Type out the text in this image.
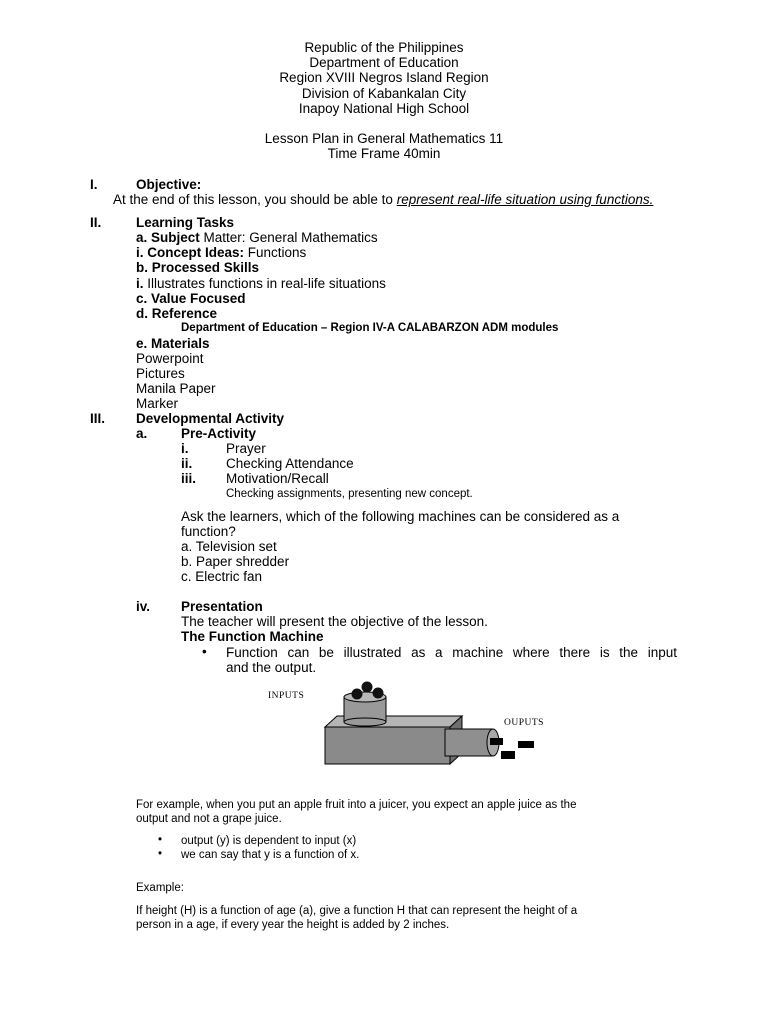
Republic of the Philippines
Department of Education
Region XVIII Negros Island Region
Division of Kabankalan City
Inapoy National High School
Lesson Plan in General Mathematics 11
Time Frame 40min
I.	Objective:
At the end of this lesson, you should be able to represent real-life situation using functions.
II.	Learning Tasks
a. Subject Matter: General Mathematics
i. Concept Ideas: Functions
b. Processed Skills
i. Illustrates functions in real-life situations
c. Value Focused
d. Reference
Department of Education – Region IV-A CALABARZON ADM modules
e. Materials
Powerpoint
Pictures
Manila Paper
Marker
III. Developmental Activity
a. Pre-Activity
i.	Prayer
ii. Checking Attendance
iii. Motivation/Recall
Checking assignments, presenting new concept.
Ask the learners, which of the following machines can be considered as a
function?
a. Television set
b. Paper shredder
c. Electric fan
iv. Presentation
The teacher will present the objective of the lesson.
The Function Machine
• Function can be illustrated as a machine where there is the input
and the output.
INPUTS
OUPUTS
For example, when you put an apple fruit into a juicer, you expect an apple juice as the
output and not a grape juice.
• output (y) is dependent to input (x)
• we can say that y is a function of x.
Example:
If height (H) is a function of age (a), give a function H that can represent the height of a
person in a age, if every year the height is added by 2 inches.
